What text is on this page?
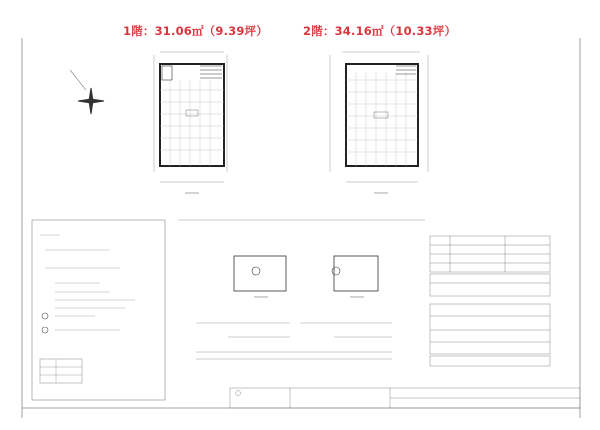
1階：31.06㎡（9.39坪）	2階：34.16㎡（10.33坪）
